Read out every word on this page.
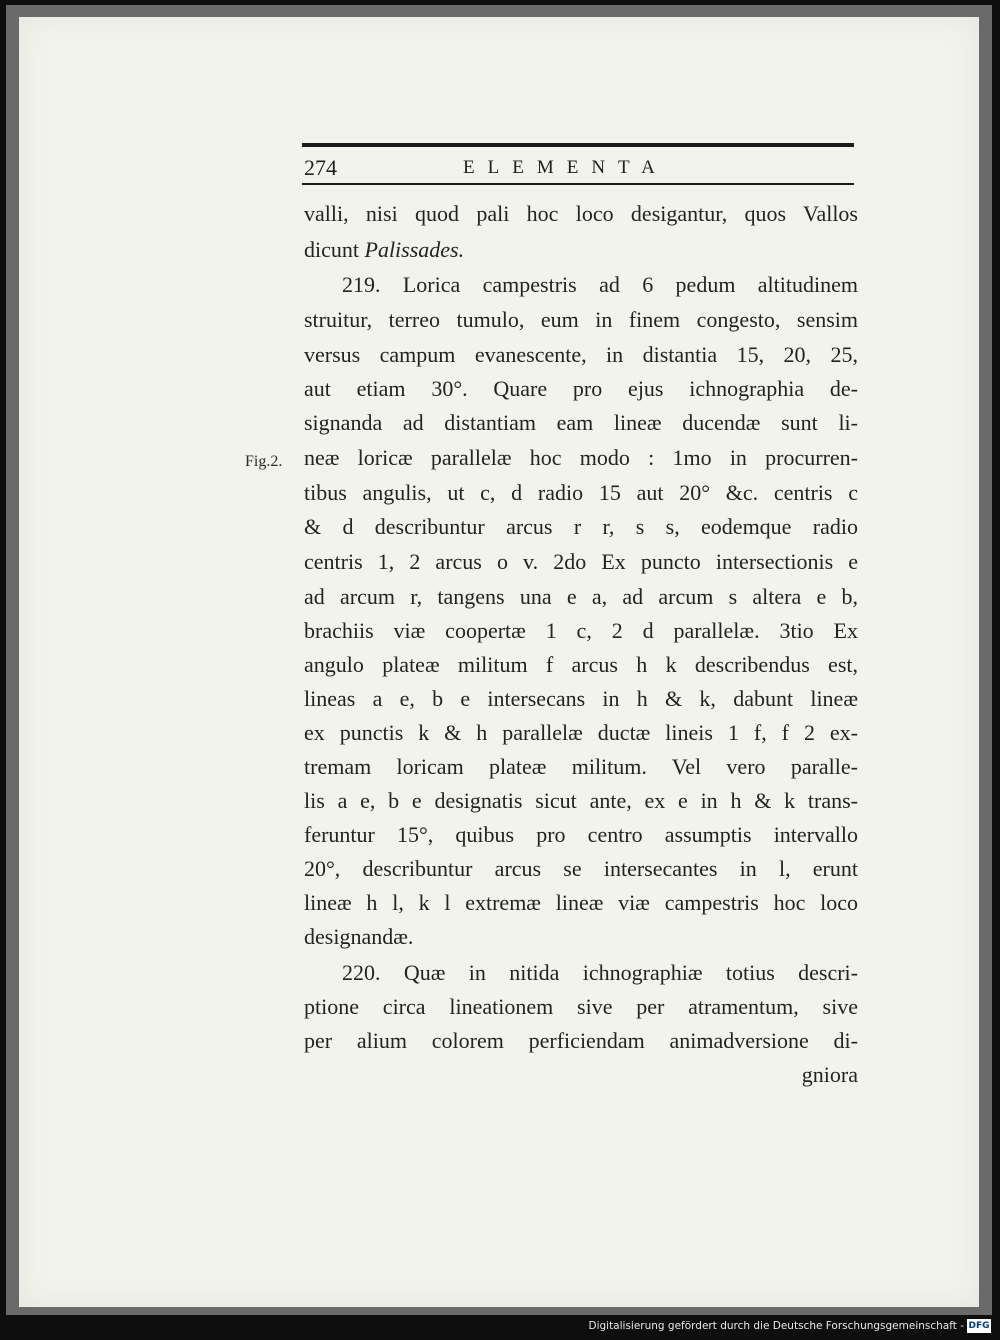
274	ELEMENTA
Fig.2.
valli, nisi quod pali hoc loco desigantur, quos Vallos
dicunt Palissades.
219. Lorica campestris ad 6 pedum altitudinem
struitur, terreo tumulo, eum in finem congesto, sensim
versus campum evanescente, in distantia 15, 20, 25,
aut etiam 30°. Quare pro ejus ichnographia de-
signanda ad distantiam eam lineæ ducendæ sunt li-
neæ loricæ parallelæ hoc modo : 1mo in procurren-
tibus angulis, ut c, d radio 15 aut 20° &c. centris c
& d describuntur arcus r r, s s, eodemque radio
centris 1, 2 arcus o v. 2do Ex puncto intersectionis e
ad arcum r, tangens una e a, ad arcum s altera e b,
brachiis viæ coopertæ 1 c, 2 d parallelæ. 3tio Ex
angulo plateæ militum f arcus h k describendus est,
lineas a e, b e intersecans in h & k, dabunt lineæ
ex punctis k & h parallelæ ductæ lineis 1 f, f 2 ex-
tremam loricam plateæ militum. Vel vero paralle-
lis a e, b e designatis sicut ante, ex e in h & k trans-
feruntur 15°, quibus pro centro assumptis intervallo
20°, describuntur arcus se intersecantes in l, erunt
lineæ h l, k l extremæ lineæ viæ campestris hoc loco
designandæ.
220. Quæ in nitida ichnographiæ totius descri-
ptione circa lineationem sive per atramentum, sive
per alium colorem perficiendam animadversione di-
gniora
Digitalisierung gefördert durch die Deutsche Forschungsgemeinschaft - DFG
